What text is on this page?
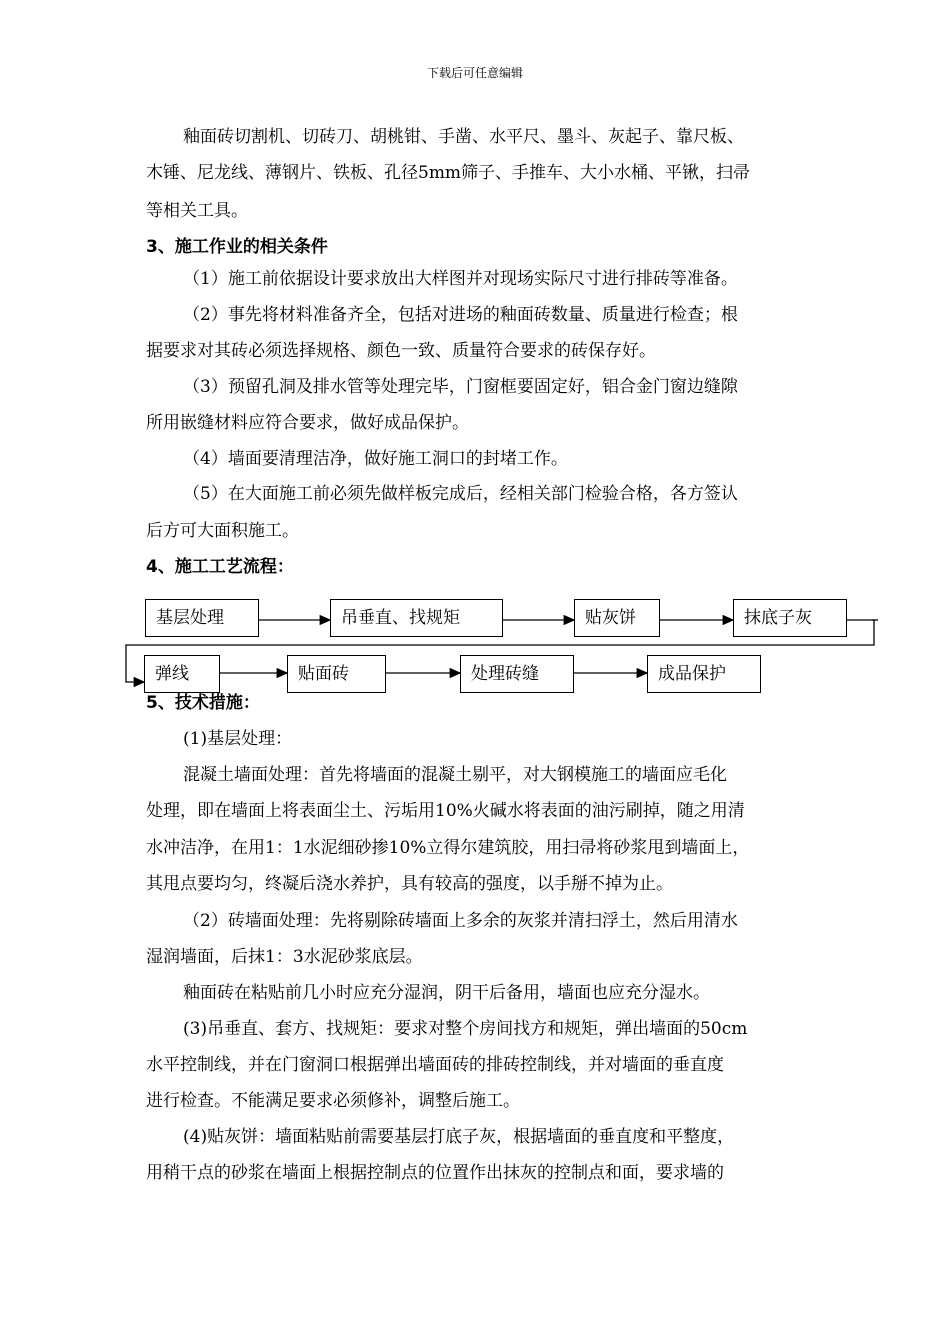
下载后可任意编辑
釉面砖切割机、切砖刀、胡桃钳、手凿、水平尺、墨斗、灰起子、靠尺板、
木锤、尼龙线、薄钢片、铁板、孔径5mm筛子、手推车、大小水桶、平锹，扫帚
等相关工具。
3、施工作业的相关条件
（1）施工前依据设计要求放出大样图并对现场实际尺寸进行排砖等准备。
（2）事先将材料准备齐全，包括对进场的釉面砖数量、质量进行检查；根
据要求对其砖必须选择规格、颜色一致、质量符合要求的砖保存好。
（3）预留孔洞及排水管等处理完毕，门窗框要固定好，铝合金门窗边缝隙
所用嵌缝材料应符合要求，做好成品保护。
（4）墙面要清理洁净，做好施工洞口的封堵工作。
（5）在大面施工前必须先做样板完成后，经相关部门检验合格，各方签认
后方可大面积施工。
4、施工工艺流程：
基层处理	吊垂直、找规矩	贴灰饼	抹底子灰
弹线	贴面砖	处理砖缝	成品保护
5、技术措施：
(1)基层处理：
混凝土墙面处理：首先将墙面的混凝土剔平，对大钢模施工的墙面应毛化
处理，即在墙面上将表面尘土、污垢用10%火碱水将表面的油污刷掉，随之用清
水冲洁净，在用1：1水泥细砂掺10%立得尔建筑胶，用扫帚将砂浆甩到墙面上，
其甩点要均匀，终凝后浇水养护，具有较高的强度，以手掰不掉为止。
（2）砖墙面处理：先将剔除砖墙面上多余的灰浆并清扫浮土，然后用清水
湿润墙面，后抹1：3水泥砂浆底层。
釉面砖在粘贴前几小时应充分湿润，阴干后备用，墙面也应充分湿水。
(3)吊垂直、套方、找规矩：要求对整个房间找方和规矩，弹出墙面的50cm
水平控制线，并在门窗洞口根据弹出墙面砖的排砖控制线，并对墙面的垂直度
进行检查。不能满足要求必须修补，调整后施工。
(4)贴灰饼：墙面粘贴前需要基层打底子灰，根据墙面的垂直度和平整度，
用稍干点的砂浆在墙面上根据控制点的位置作出抹灰的控制点和面，要求墙的
